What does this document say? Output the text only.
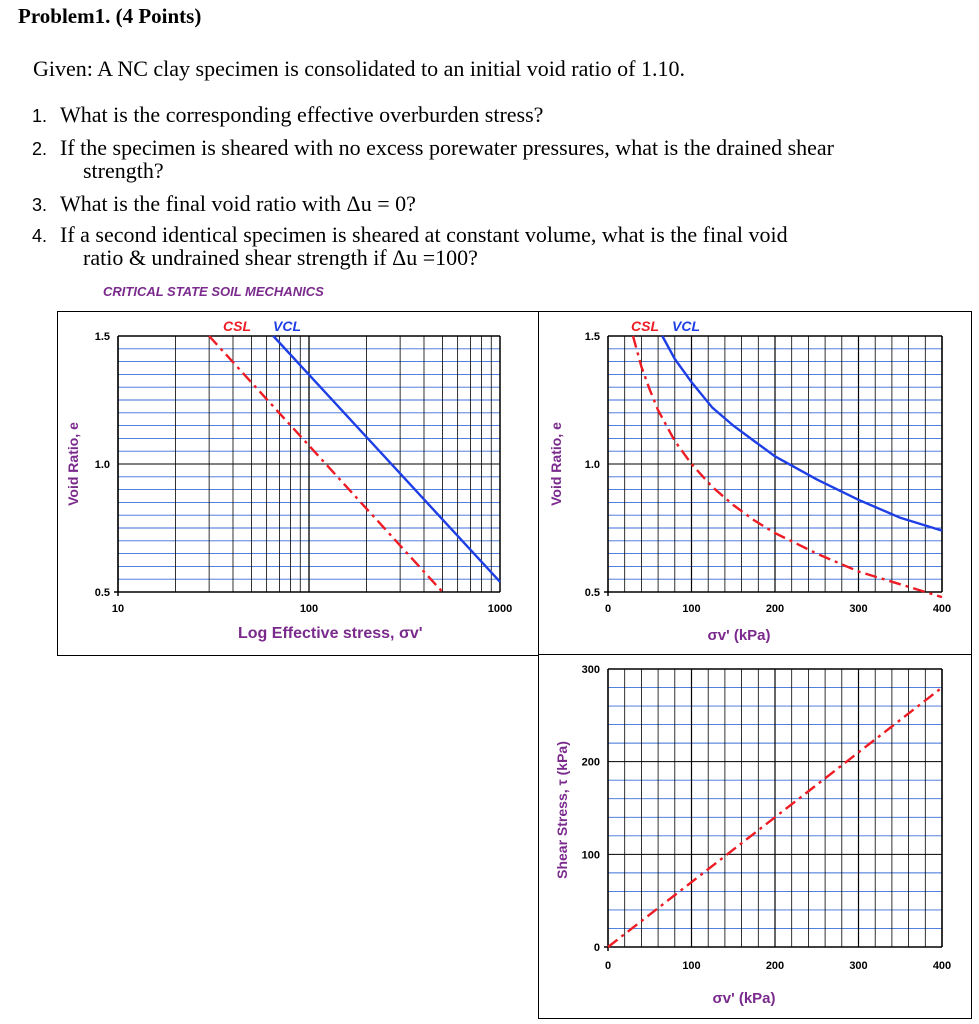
Problem1. (4 Points)
Given: A NC clay specimen is consolidated to an initial void ratio of 1.10.
1. What is the corresponding effective overburden stress?
2. If the specimen is sheared with no excess porewater pressures, what is the drained shear
strength?
3. What is the final void ratio with Δu = 0?
4. If a second identical specimen is sheared at constant volume, what is the final void
ratio & undrained shear strength if Δu =100?
CRITICAL STATE SOIL MECHANICS
10	100	1000
0.5
1.0
1.5
Log Effective stress, σv'
Void Ratio, e
CSL VCL
0	100	200	300	400
0.5
1.0
1.5
σv' (kPa)
Void Ratio, e
CSL VCL
0	100	200	300	400
0
100
200
300
σv' (kPa)
Shear Stress, τ (kPa)
